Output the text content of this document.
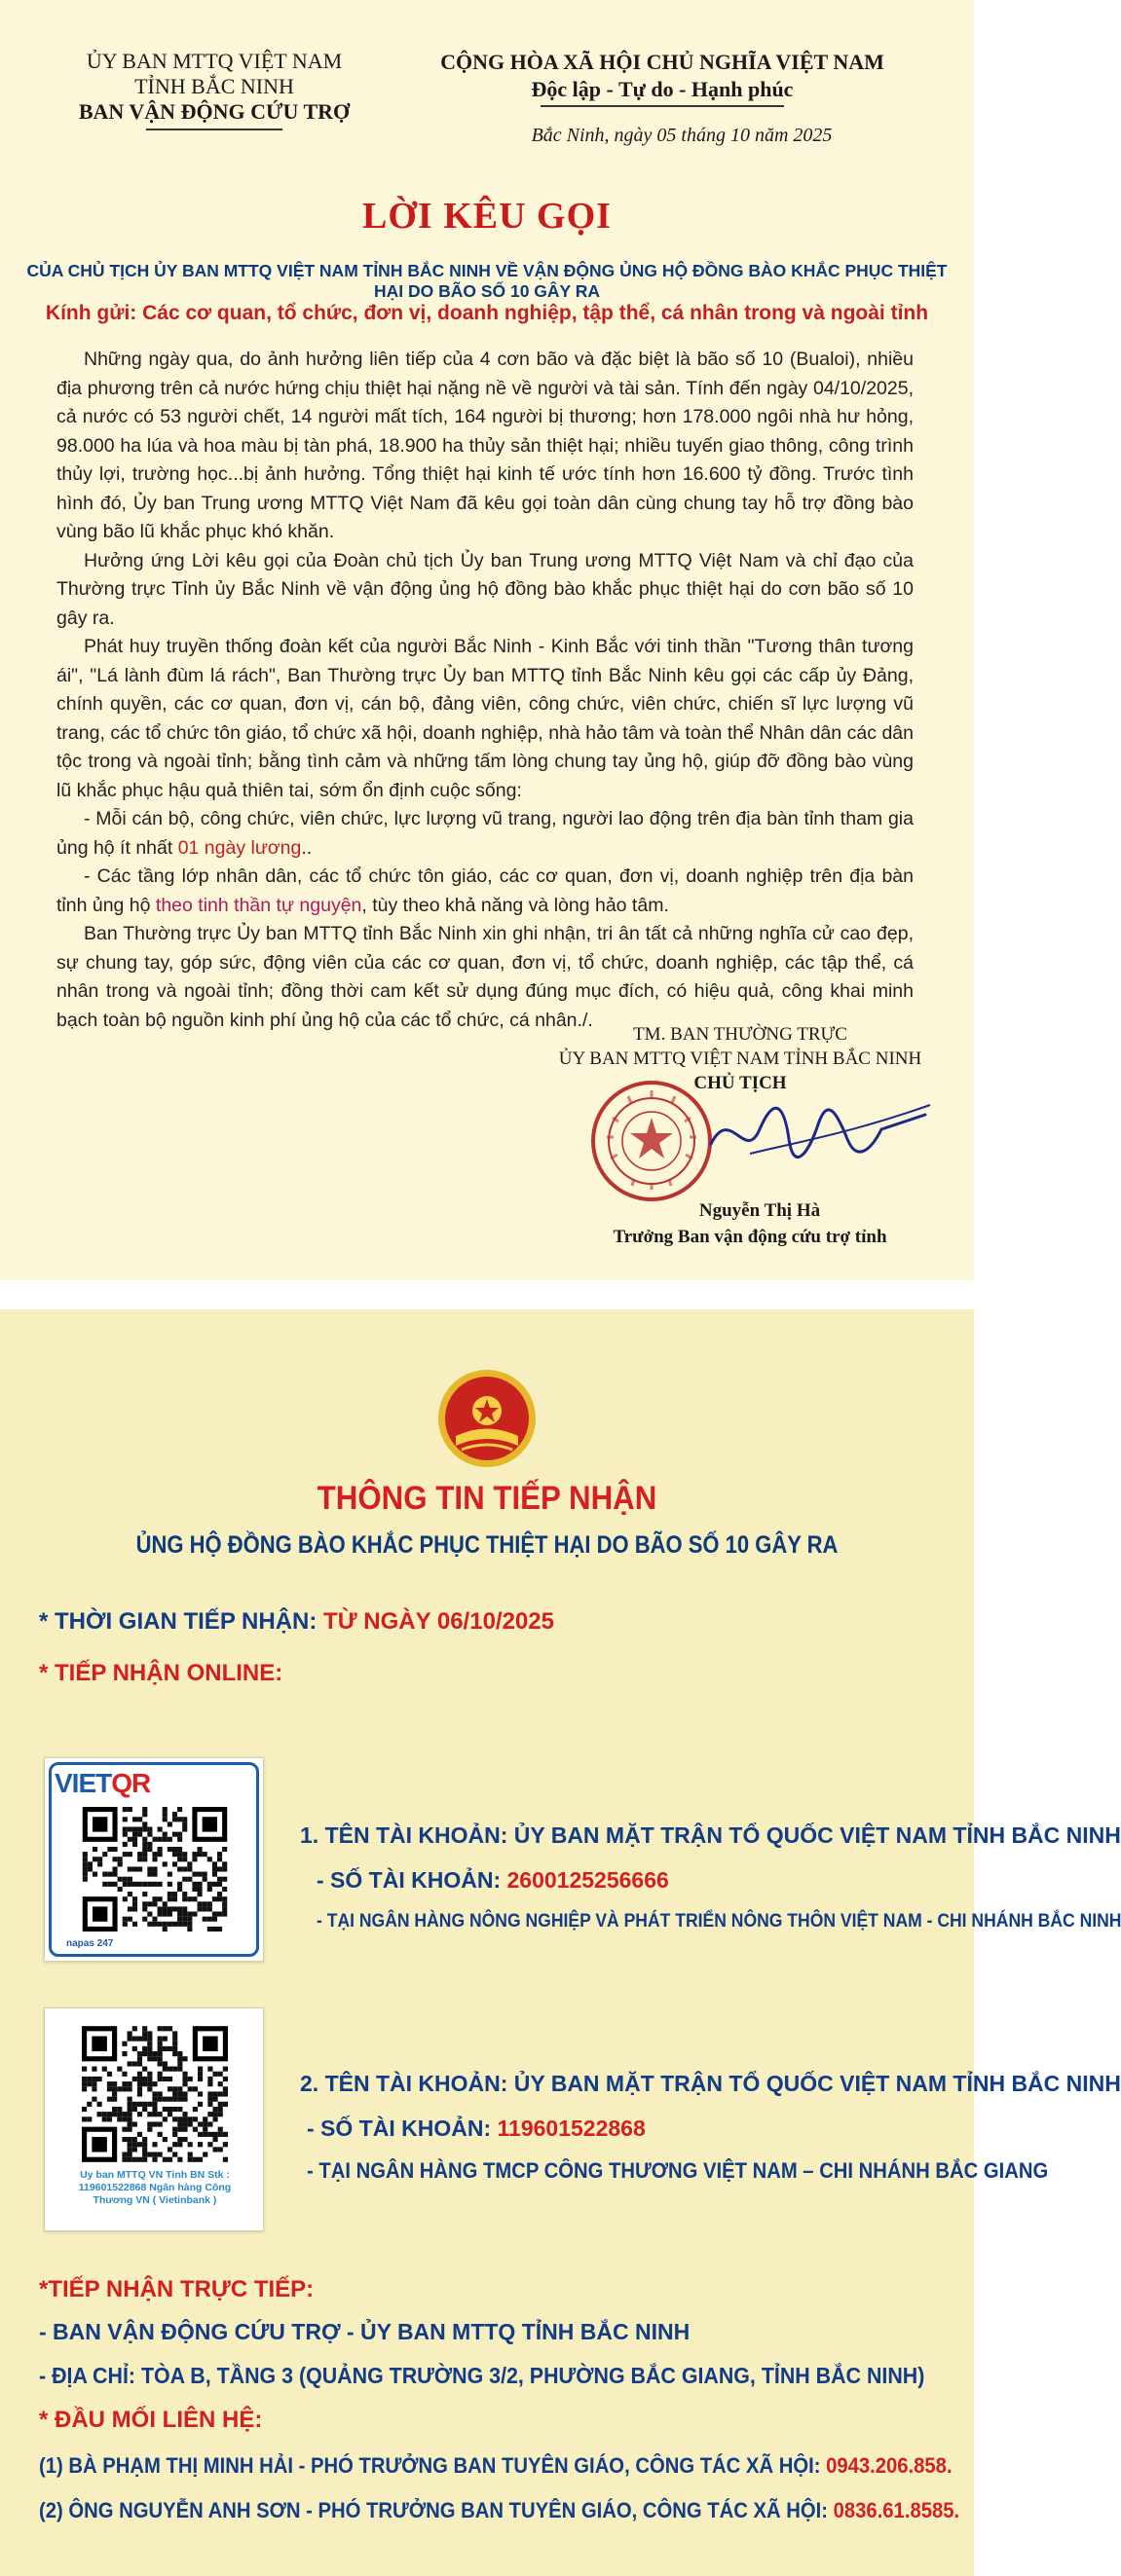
ỦY BAN MTTQ VIỆT NAM
TỈNH BẮC NINH
BAN VẬN ĐỘNG CỨU TRỢ
CỘNG HÒA XÃ HỘI CHỦ NGHĨA VIỆT NAM
Độc lập - Tự do - Hạnh phúc
Bắc Ninh, ngày 05 tháng 10 năm 2025
LỜI KÊU GỌI
CỦA CHỦ TỊCH ỦY BAN MTTQ VIỆT NAM TỈNH BẮC NINH VỀ VẬN ĐỘNG ỦNG HỘ ĐỒNG BÀO KHẮC PHỤC THIỆT HẠI DO BÃO SỐ 10 GÂY RA
Kính gửi: Các cơ quan, tổ chức, đơn vị, doanh nghiệp, tập thể, cá nhân trong và ngoài tỉnh

Những ngày qua, do ảnh hưởng liên tiếp của 4 cơn bão và đặc biệt là bão số 10 (Bualoi), nhiều địa phương trên cả nước hứng chịu thiệt hại nặng nề về người và tài sản. Tính đến ngày 04/10/2025, cả nước có 53 người chết, 14 người mất tích, 164 người bị thương; hơn 178.000 ngôi nhà hư hỏng, 98.000 ha lúa và hoa màu bị tàn phá, 18.900 ha thủy sản thiệt hại; nhiều tuyến giao thông, công trình thủy lợi, trường học...bị ảnh hưởng. Tổng thiệt hại kinh tế ước tính hơn 16.600 tỷ đồng. Trước tình hình đó, Ủy ban Trung ương MTTQ Việt Nam đã kêu gọi toàn dân cùng chung tay hỗ trợ đồng bào vùng bão lũ khắc phục khó khăn.

Hưởng ứng Lời kêu gọi của Đoàn chủ tịch Ủy ban Trung ương MTTQ Việt Nam và chỉ đạo của Thường trực Tỉnh ủy Bắc Ninh về vận động ủng hộ đồng bào khắc phục thiệt hại do cơn bão số 10 gây ra.

Phát huy truyền thống đoàn kết của người Bắc Ninh - Kinh Bắc với tinh thần "Tương thân tương ái", "Lá lành đùm lá rách", Ban Thường trực Ủy ban MTTQ tỉnh Bắc Ninh kêu gọi các cấp ủy Đảng, chính quyền, các cơ quan, đơn vị, cán bộ, đảng viên, công chức, viên chức, chiến sĩ lực lượng vũ trang, các tổ chức tôn giáo, tổ chức xã hội, doanh nghiệp, nhà hảo tâm và toàn thể Nhân dân các dân tộc trong và ngoài tỉnh; bằng tình cảm và những tấm lòng chung tay ủng hộ, giúp đỡ đồng bào vùng lũ khắc phục hậu quả thiên tai, sớm ổn định cuộc sống:

- Mỗi cán bộ, công chức, viên chức, lực lượng vũ trang, người lao động trên địa bàn tỉnh tham gia ủng hộ ít nhất 01 ngày lương..

- Các tầng lớp nhân dân, các tổ chức tôn giáo, các cơ quan, đơn vị, doanh nghiệp trên địa bàn tỉnh ủng hộ theo tinh thần tự nguyện, tùy theo khả năng và lòng hảo tâm.

Ban Thường trực Ủy ban MTTQ tỉnh Bắc Ninh xin ghi nhận, tri ân tất cả những nghĩa cử cao đẹp, sự chung tay, góp sức, động viên của các cơ quan, đơn vị, tổ chức, doanh nghiệp, các tập thể, cá nhân trong và ngoài tỉnh; đồng thời cam kết sử dụng đúng mục đích, có hiệu quả, công khai minh bạch toàn bộ nguồn kinh phí ủng hộ của các tổ chức, cá nhân./.

TM. BAN THƯỜNG TRỰC
ỦY BAN MTTQ VIỆT NAM TỈNH BẮC NINH
CHỦ TỊCH
Nguyễn Thị Hà
Trưởng Ban vận động cứu trợ tỉnh
THÔNG TIN TIẾP NHẬN
ỦNG HỘ ĐỒNG BÀO KHẮC PHỤC THIỆT HẠI DO BÃO SỐ 10 GÂY RA
* THỜI GIAN TIẾP NHẬN: TỪ NGÀY 06/10/2025
* TIẾP NHẬN ONLINE:
VIETQR
napas 247
1. TÊN TÀI KHOẢN: ỦY BAN MẶT TRẬN TỔ QUỐC VIỆT NAM TỈNH BẮC NINH
- SỐ TÀI KHOẢN: 2600125256666
- TẠI NGÂN HÀNG NÔNG NGHIỆP VÀ PHÁT TRIỂN NÔNG THÔN VIỆT NAM - CHI NHÁNH BẮC NINH
Uy ban MTTQ VN Tinh BN Stk : 119601522868 Ngân hàng Công Thương VN ( Vietinbank )
2. TÊN TÀI KHOẢN: ỦY BAN MẶT TRẬN TỔ QUỐC VIỆT NAM TỈNH BẮC NINH
- SỐ TÀI KHOẢN: 119601522868
- TẠI NGÂN HÀNG TMCP CÔNG THƯƠNG VIỆT NAM – CHI NHÁNH BẮC GIANG
*TIẾP NHẬN TRỰC TIẾP:
- BAN VẬN ĐỘNG CỨU TRỢ - ỦY BAN MTTQ TỈNH BẮC NINH
- ĐỊA CHỈ: TÒA B, TẦNG 3 (QUẢNG TRƯỜNG 3/2, PHƯỜNG BẮC GIANG, TỈNH BẮC NINH)
* ĐẦU MỐI LIÊN HỆ:
(1) BÀ PHẠM THỊ MINH HẢI - PHÓ TRƯỞNG BAN TUYÊN GIÁO, CÔNG TÁC XÃ HỘI: 0943.206.858.
(2) ÔNG NGUYỄN ANH SƠN - PHÓ TRƯỞNG BAN TUYÊN GIÁO, CÔNG TÁC XÃ HỘI: 0836.61.8585.
